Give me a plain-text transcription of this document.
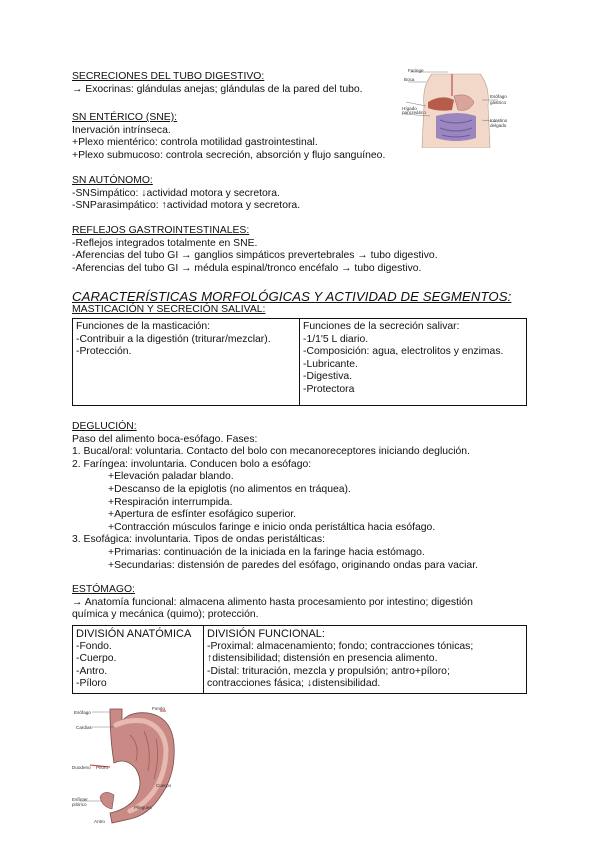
SECRECIONES DEL TUBO DIGESTIVO:
→ Exocrinas: glándulas anejas; glándulas de la pared del tubo.
Faringe
Boca
Hígado
pancreático
Esófago
gástrico
Intestino
delgado
SN ENTÉRICO (SNE):
Inervación intrínseca.
+Plexo mientérico: controla motilidad gastrointestinal.
+Plexo submucoso: controla secreción, absorción y flujo sanguíneo.
SN AUTÓNOMO:
-SNSimpático: ↓actividad motora y secretora.
-SNParasimpático: ↑actividad motora y secretora.
REFLEJOS GASTROINTESTINALES:
-Reflejos integrados totalmente en SNE.
-Aferencias del tubo GI → ganglios simpáticos prevertebrales → tubo digestivo.
-Aferencias del tubo GI → médula espinal/tronco encéfalo → tubo digestivo.
CARACTERÍSTICAS MORFOLÓGICAS Y ACTIVIDAD DE SEGMENTOS:
MASTICACIÓN Y SECRECIÓN SALIVAL:
Funciones de la masticación:
-Contribuir a la digestión (triturar/mezclar).
-Protección.

Funciones de la secreción salivar:
-1/1'5 L diario.
-Composición: agua, electrolitos y enzimas.
-Lubricante.
-Digestiva.
-Protectora
DEGLUCIÓN:
Paso del alimento boca-esófago. Fases:
1. Bucal/oral: voluntaria. Contacto del bolo con mecanoreceptores iniciando deglución.
2. Faríngea: involuntaria. Conducen bolo a esófago:
+Elevación paladar blando.
+Descanso de la epiglotis (no alimentos en tráquea).
+Respiración interrumpida.
+Apertura de esfínter esofágico superior.
+Contracción músculos faringe e inicio onda peristáltica hacia esófago.
3. Esofágica: involuntaria. Tipos de ondas peristálticas:
+Primarias: continuación de la iniciada en la faringe hacia estómago.
+Secundarias: distensión de paredes del esófago, originando ondas para vaciar.
ESTÓMAGO:
→ Anatomía funcional: almacena alimento hasta procesamiento por intestino; digestión
química y mecánica (quimo); protección.
DIVISIÓN ANATÓMICA
-Fondo.
-Cuerpo.
-Antro.
-Píloro

DIVISIÓN FUNCIONAL:
-Proximal: almacenamiento; fondo; contracciones tónicas;
↑distensibilidad; distensión en presencia alimento.
-Distal: trituración, mezcla y propulsión; antro+píloro;
contracciones fásica; ↓distensibilidad.
Esófago
Cardias
Fondo
Duodeno Píloro
Cuerpo
Esfínter
pilórico
Pliegues
Antro
